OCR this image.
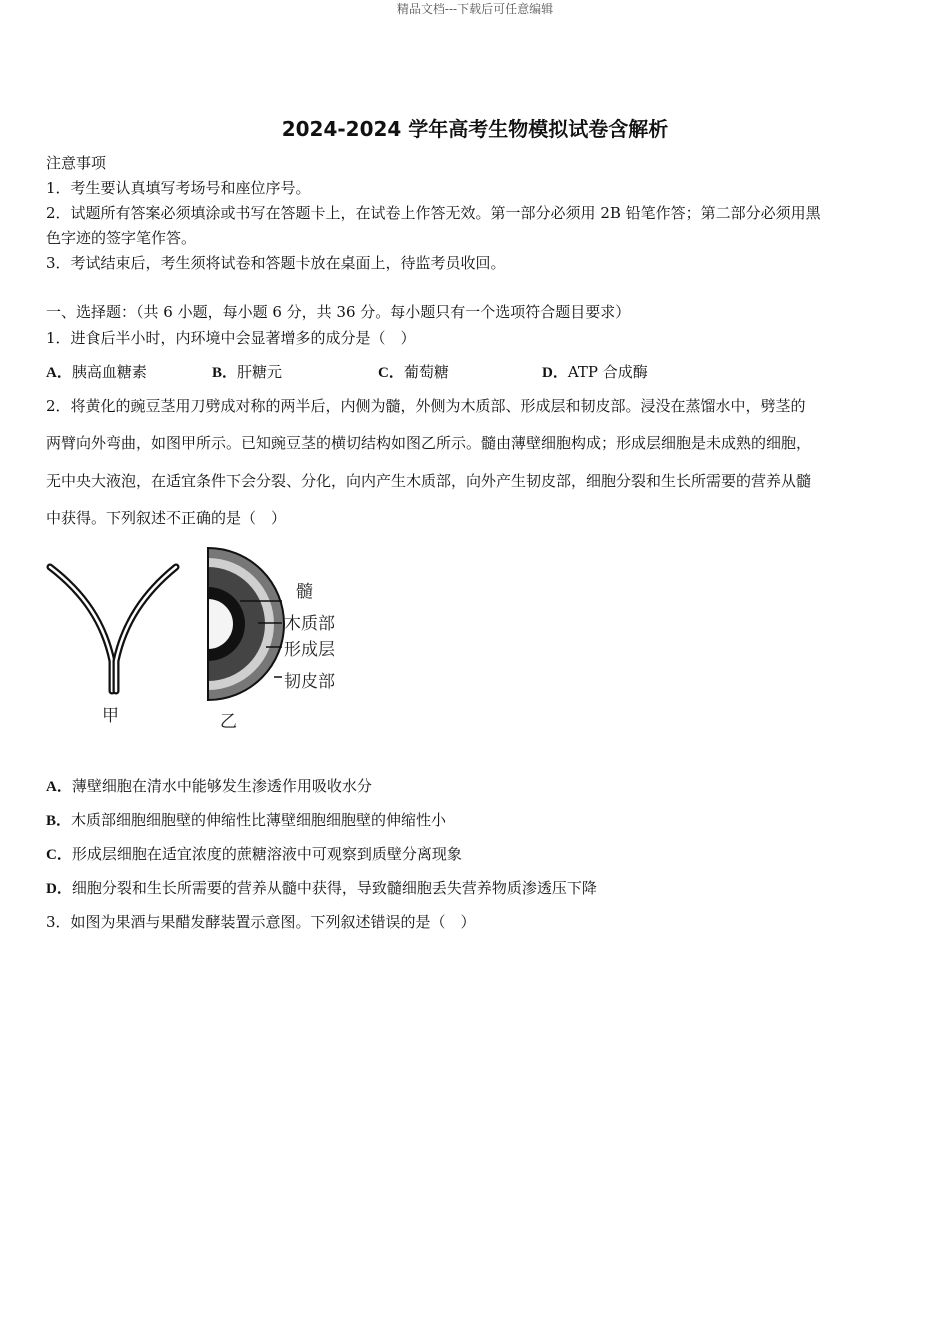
精品文档---下载后可任意编辑
2024-2024 学年高考生物模拟试卷含解析
注意事项
1．考生要认真填写考场号和座位序号。
2．试题所有答案必须填涂或书写在答题卡上，在试卷上作答无效。第一部分必须用 2B 铅笔作答；第二部分必须用黑
色字迹的签字笔作答。
3．考试结束后，考生须将试卷和答题卡放在桌面上，待监考员收回。
一、选择题：（共 6 小题，每小题 6 分，共 36 分。每小题只有一个选项符合题目要求）
1．进食后半小时，内环境中会显著增多的成分是（　）
A．胰高血糖素	B．肝糖元	C．葡萄糖	D．ATP 合成酶
2．将黄化的豌豆茎用刀劈成对称的两半后，内侧为髓，外侧为木质部、形成层和韧皮部。浸没在蒸馏水中，劈茎的
两臂向外弯曲，如图甲所示。已知豌豆茎的横切结构如图乙所示。髓由薄壁细胞构成；形成层细胞是未成熟的细胞，
无中央大液泡，在适宜条件下会分裂、分化，向内产生木质部，向外产生韧皮部，细胞分裂和生长所需要的营养从髓
中获得。下列叙述不正确的是（　）
甲
髓
木质部
形成层
韧皮部
乙
A．薄壁细胞在清水中能够发生渗透作用吸收水分
B．木质部细胞细胞壁的伸缩性比薄壁细胞细胞壁的伸缩性小
C．形成层细胞在适宜浓度的蔗糖溶液中可观察到质壁分离现象
D．细胞分裂和生长所需要的营养从髓中获得，导致髓细胞丢失营养物质渗透压下降
3．如图为果酒与果醋发酵装置示意图。下列叙述错误的是（　）
